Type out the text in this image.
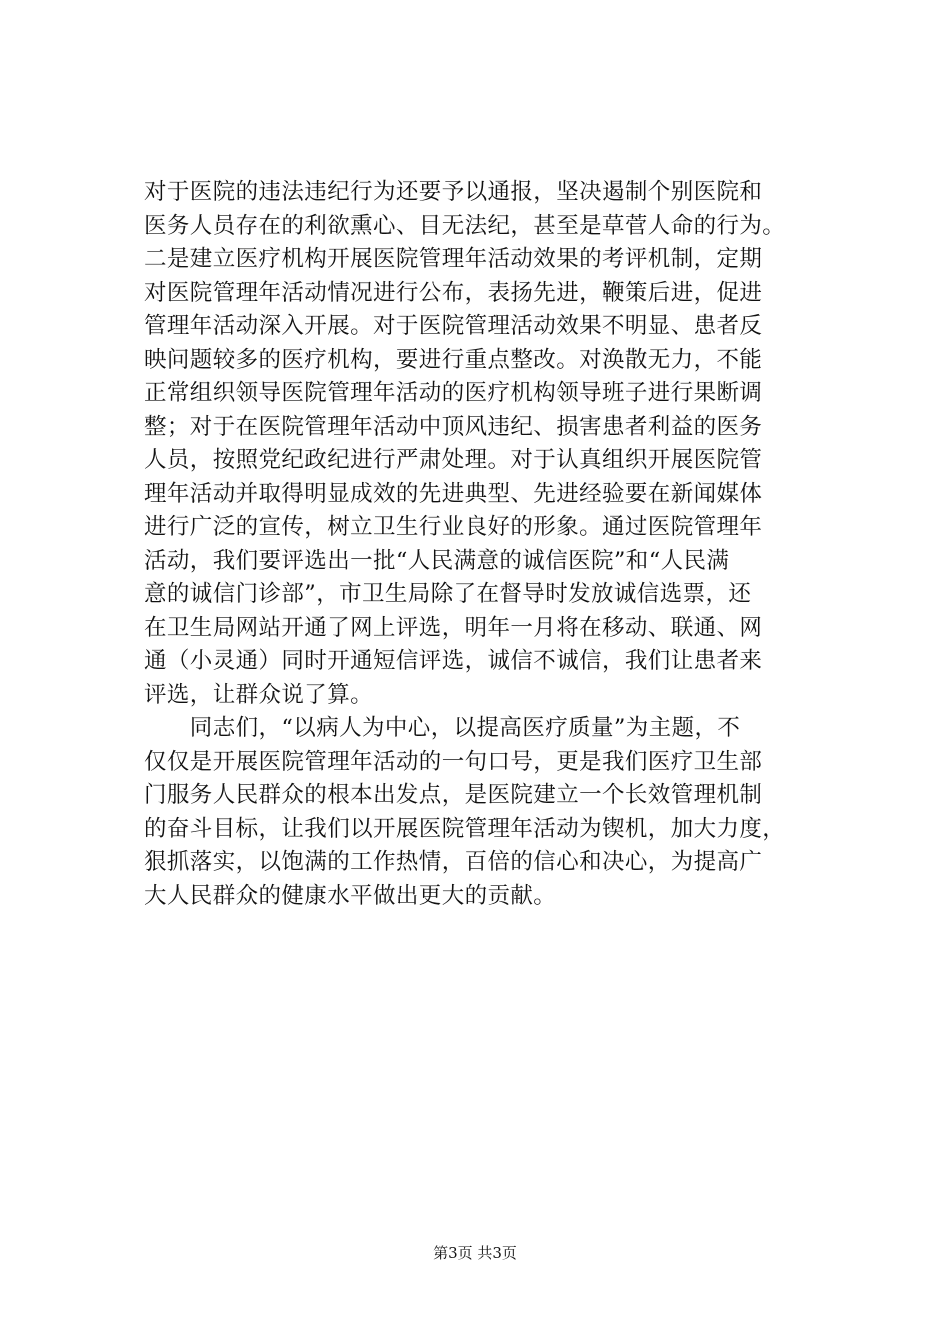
对于医院的违法违纪行为还要予以通报，坚决遏制个别医院和
医务人员存在的利欲熏心、目无法纪，甚至是草菅人命的行为。
二是建立医疗机构开展医院管理年活动效果的考评机制，定期
对医院管理年活动情况进行公布，表扬先进，鞭策后进，促进
管理年活动深入开展。对于医院管理活动效果不明显、患者反
映问题较多的医疗机构，要进行重点整改。对涣散无力，不能
正常组织领导医院管理年活动的医疗机构领导班子进行果断调
整；对于在医院管理年活动中顶风违纪、损害患者利益的医务
人员，按照党纪政纪进行严肃处理。对于认真组织开展医院管
理年活动并取得明显成效的先进典型、先进经验要在新闻媒体
进行广泛的宣传，树立卫生行业良好的形象。通过医院管理年
活动，我们要评选出一批“人民满意的诚信医院”和“人民满
意的诚信门诊部”，市卫生局除了在督导时发放诚信选票，还
在卫生局网站开通了网上评选，明年一月将在移动、联通、网
通（小灵通）同时开通短信评选，诚信不诚信，我们让患者来
评选，让群众说了算。
　　同志们，“以病人为中心，以提高医疗质量”为主题，不
仅仅是开展医院管理年活动的一句口号，更是我们医疗卫生部
门服务人民群众的根本出发点，是医院建立一个长效管理机制
的奋斗目标，让我们以开展医院管理年活动为锲机，加大力度，
狠抓落实，以饱满的工作热情，百倍的信心和决心，为提高广
大人民群众的健康水平做出更大的贡献。
第3页 共3页
